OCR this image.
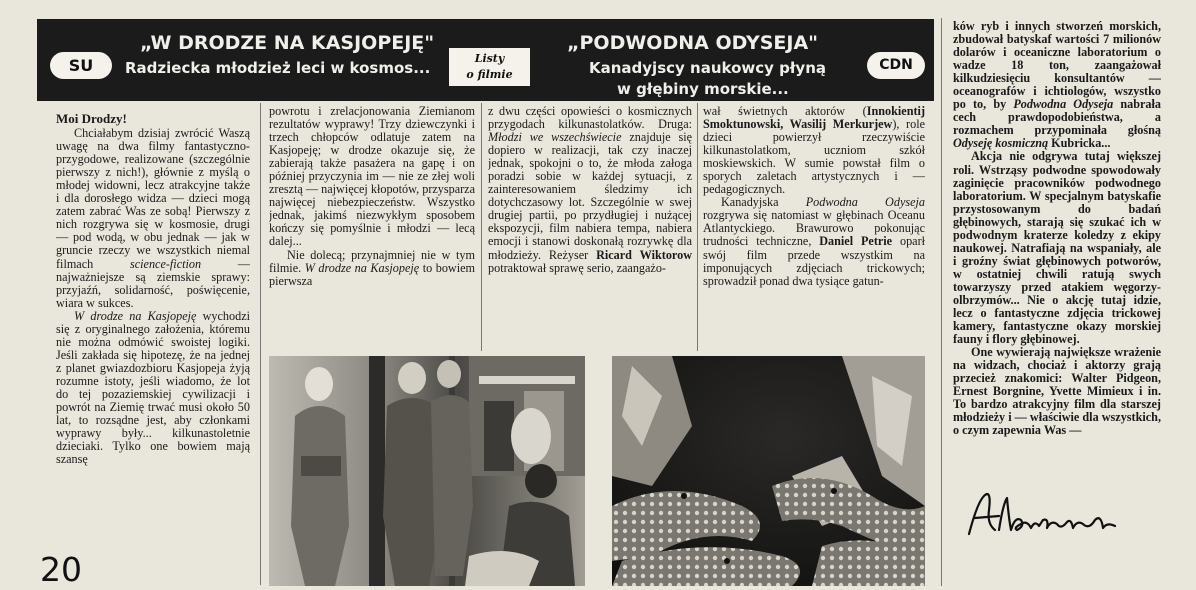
SU
„W DRODZE NA KASJOPEJĘ"
Radziecka młodzież leci w kosmos...
Listy
o filmie
„PODWODNA ODYSEJA"
Kanadyjscy naukowcy płyną
w głębiny morskie...
CDN

Moi Drodzy!

Chciałabym dzisiaj zwrócić Waszą uwagę na dwa filmy fantastyczno-przygodowe, realizowane (szczególnie pierwszy z nich!), głównie z myślą o młodej widowni, lecz atrakcyjne także i dla dorosłego widza — dzieci mogą zatem zabrać Was ze sobą! Pierwszy z nich rozgrywa się w kosmosie, drugi — pod wodą, w obu jednak — jak w gruncie rzeczy we wszystkich niemal filmach	science-fiction	— najważniejsze są ziemskie sprawy: przyjaźń, solidarność, poświęcenie, wiara w sukces.

W drodze na Kasjopeję wychodzi się z oryginalnego założenia, któremu nie można odmówić swoistej logiki. Jeśli zakłada się hipotezę, że na jednej z planet gwiazdozbioru Kasjopeja żyją rozumne istoty, jeśli wiadomo, że lot do tej pozaziemskiej cywilizacji i powrót na Ziemię trwać musi około 50 lat, to rozsądne jest, aby członkami wyprawy były... kilkunastoletnie dzieciaki. Tylko one bowiem mają szansę

powrotu i zrelacjonowania Ziemianom rezultatów wyprawy! Trzy dziewczynki i trzech chłopców odlatuje zatem na Kasjopeję; w drodze okazuje się, że zabierają także pasażera na gapę i on później przyczynia im — nie ze złej woli zresztą — najwięcej kłopotów, przysparza najwięcej niebezpieczeństw. Wszystko jednak, jakimś niezwykłym sposobem kończy się pomyślnie i młodzi — lecą dalej...

Nie dolecą; przynajmniej nie w tym filmie. W drodze na Kasjopeję to bowiem pierwsza

z dwu części opowieści o kosmicznych przygodach kilkunastolatków. Druga: Młodzi we wszechświecie znajduje się dopiero w realizacji, tak czy inaczej jednak, spokojni o to, że młoda załoga poradzi sobie w każdej sytuacji, z zainteresowaniem śledzimy ich dotychczasowy lot. Szczególnie w swej drugiej partii, po przydługiej i nużącej ekspozycji, film nabiera tempa, nabiera emocji i stanowi doskonałą rozrywkę dla młodzieży. Reżyser Ricard Wiktorow potraktował sprawę serio, zaangażo-

wał świetnych aktorów (Innokientij Smoktunowski, Wasilij Merkurjew), role dzieci powierzył rzeczywiście kilkunastolatkom, uczniom szkół moskiewskich. W sumie powstał film o sporych zaletach artystycznych i — pedagogicznych.

Kanadyjska Podwodna Odyseja rozgrywa się natomiast w głębinach Oceanu Atlantyckiego. Brawurowo pokonując trudności techniczne, Daniel Petrie oparł swój film przede wszystkim na imponujących zdjęciach trickowych; sprowadził ponad dwa tysiące gatun-

ków ryb i innych stworzeń morskich, zbudował batyskaf wartości 7 milionów dolarów i oceaniczne laboratorium o wadze 18 ton, zaangażował kilkudziesięciu konsultantów — oceanografów i ichtiologów, wszystko po to, by Podwodna Odyseja nabrała cech prawdopodobieństwa, a rozmachem przypominała głośną Odyseję kosmiczną Kubricka...

Akcja nie odgrywa tutaj większej roli. Wstrząsy podwodne spowodowały zaginięcie pracowników podwodnego laboratorium. W specjalnym batyskafie przystosowanym do badań głębinowych, starają się szukać ich w podwodnym kraterze koledzy z ekipy naukowej. Natrafiają na wspaniały, ale i groźny świat głębinowych potworów, w ostatniej chwili ratują swych towarzyszy przed atakiem węgorzy-olbrzymów... Nie o akcję tutaj idzie, lecz o fantastyczne zdjęcia trickowej kamery, fantastyczne okazy morskiej fauny i flory głębinowej.

One wywierają największe wrażenie na widzach, chociaż i aktorzy grają przecież znakomici: Walter Pidgeon, Ernest Borgnine, Yvette Mimieux i in. To bardzo atrakcyjny film dla starszej młodzieży i — właściwie dla wszystkich, o czym zapewnia Was —

20
